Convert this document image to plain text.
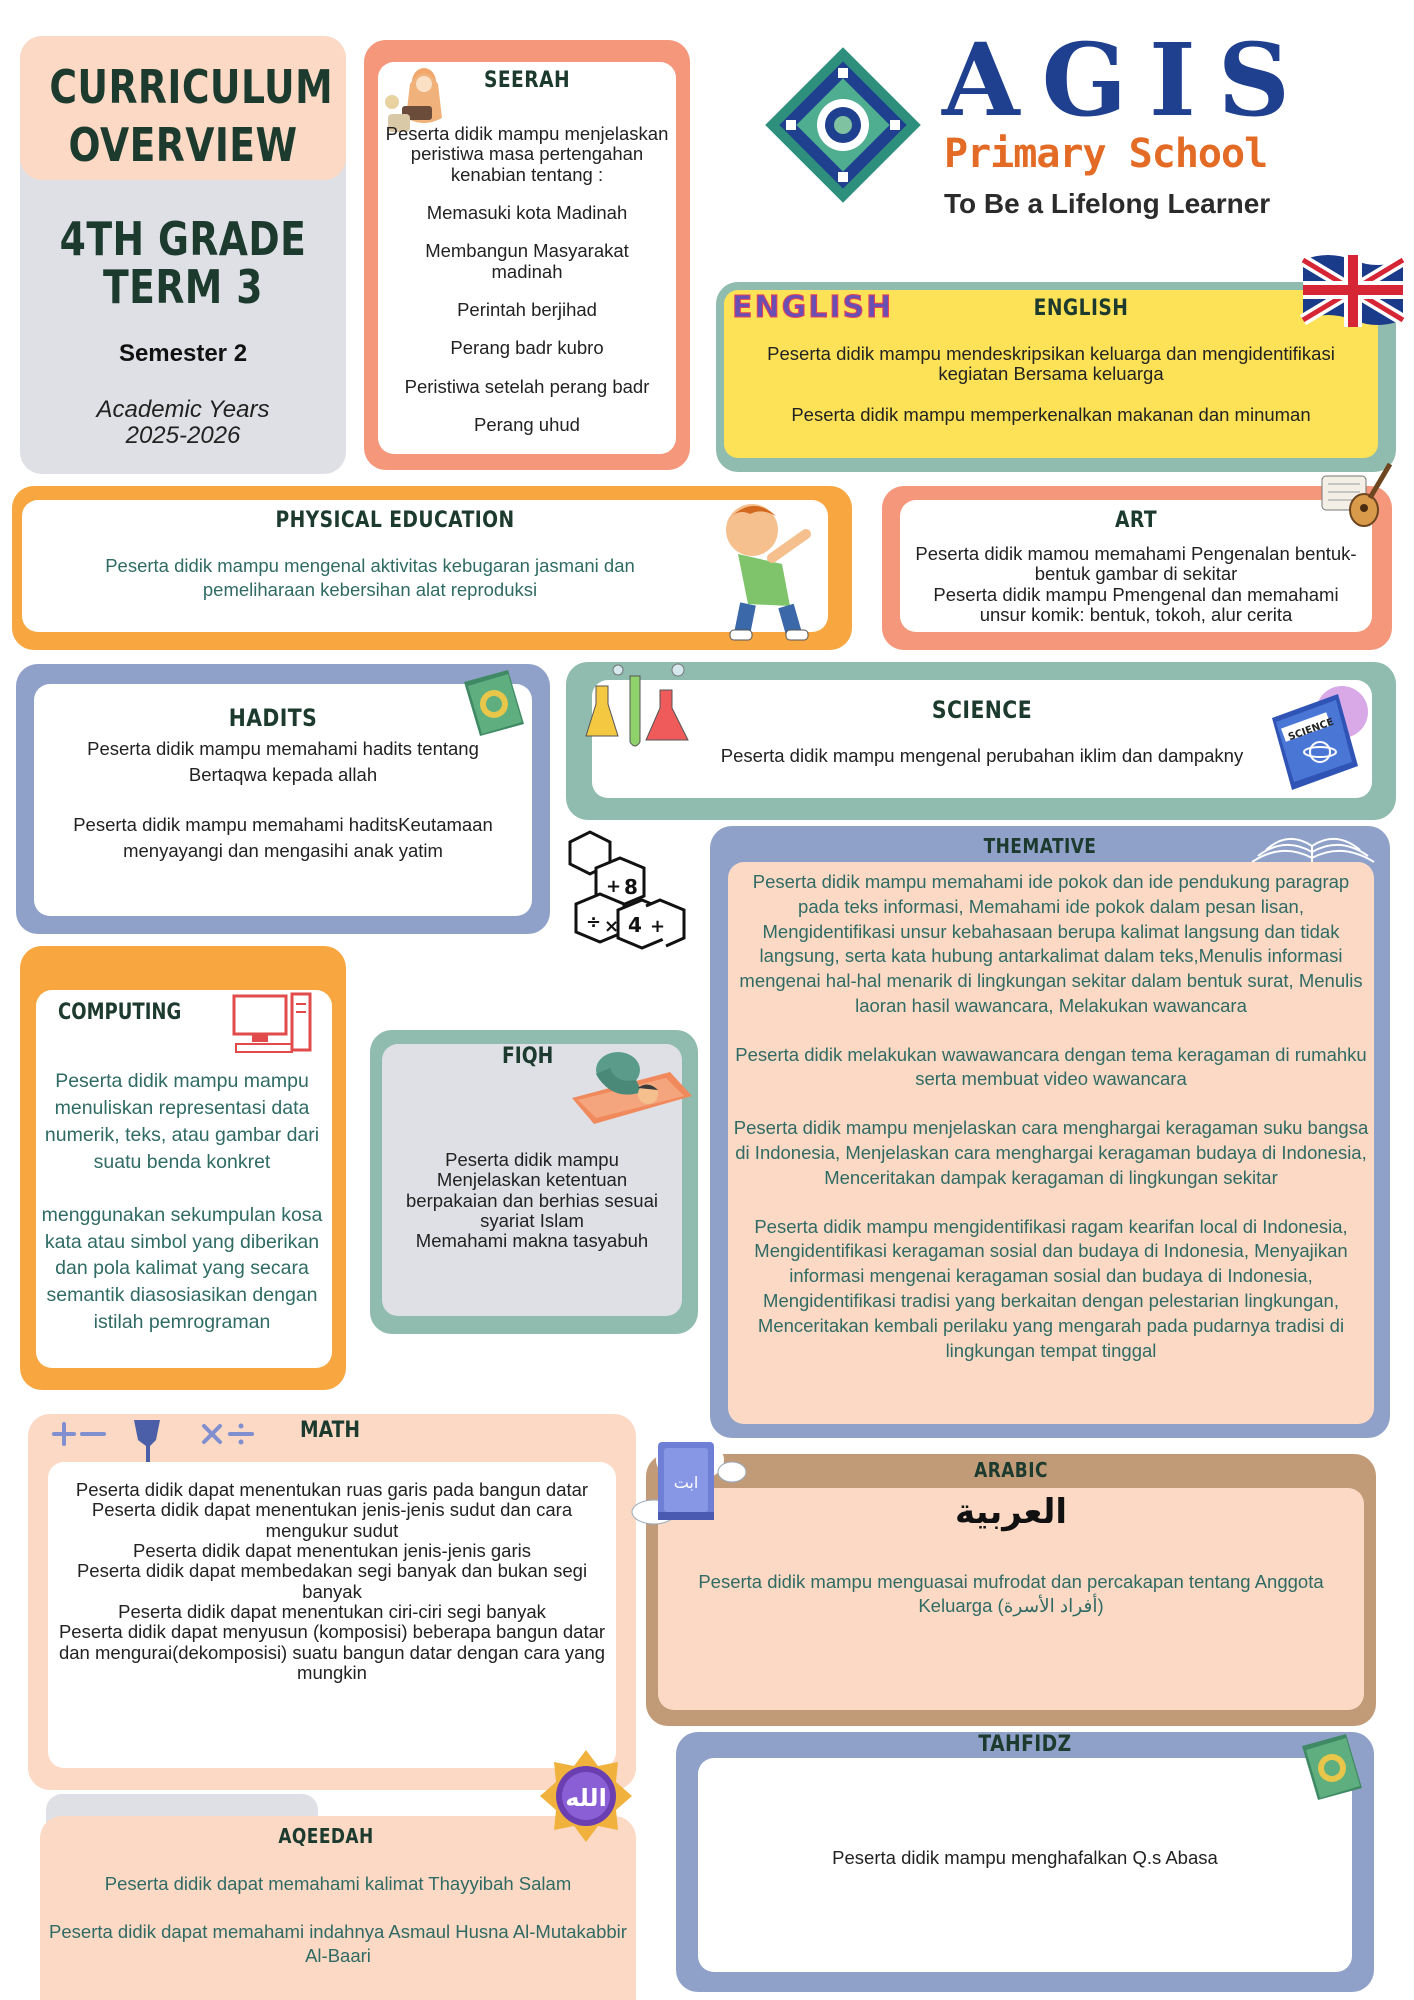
CURRICULUM
OVERVIEW
4TH GRADE
TERM 3
Semester 2
Academic Years
2025-2026
SEERAH
Peserta didik mampu menjelaskan peristiwa masa pertengahan kenabian tentang :
Memasuki kota Madinah
Membangun Masyarakat madinah
Perintah berjihad
Perang badr kubro
Peristiwa setelah perang badr
Perang uhud
AGIS
Primary School
To Be a Lifelong Learner
ENGLISH	ENGLISH
Peserta didik mampu mendeskripsikan keluarga dan mengidentifikasi kegiatan Bersama keluarga
Peserta didik mampu memperkenalkan makanan dan minuman
PHYSICAL EDUCATION
Peserta didik mampu mengenal aktivitas kebugaran jasmani dan pemeliharaan kebersihan alat reproduksi
ART
Peserta didik mamou memahami Pengenalan bentuk-bentuk gambar di sekitar
Peserta didik mampu Pmengenal dan memahami unsur komik: bentuk, tokoh, alur cerita
HADITS
Peserta didik mampu memahami hadits tentang Bertaqwa kepada allah
Peserta didik mampu memahami haditsKeutamaan menyayangi dan mengasihi anak yatim
SCIENCE
Peserta didik mampu mengenal perubahan iklim dan dampakny
SCIENCE
+ 8
÷ × 4 +
THEMATIVE
Peserta didik mampu memahami ide pokok dan ide pendukung paragrap pada teks informasi, Memahami ide pokok dalam pesan lisan, Mengidentifikasi unsur kebahasaan berupa kalimat langsung dan tidak langsung, serta kata hubung antarkalimat dalam teks,Menulis informasi mengenai hal-hal menarik di lingkungan sekitar dalam bentuk surat, Menulis laoran hasil wawancara, Melakukan wawancara
Peserta didik melakukan wawawancara dengan tema keragaman di rumahku serta membuat video wawancara
Peserta didik mampu menjelaskan cara menghargai keragaman suku bangsa di Indonesia, Menjelaskan cara menghargai keragaman budaya di Indonesia, Menceritakan dampak keragaman di lingkungan sekitar
Peserta didik mampu mengidentifikasi ragam kearifan local di Indonesia, Mengidentifikasi keragaman sosial dan budaya di Indonesia, Menyajikan informasi mengenai keragaman sosial dan budaya di Indonesia, Mengidentifikasi tradisi yang berkaitan dengan pelestarian lingkungan, Menceritakan kembali perilaku yang mengarah pada pudarnya tradisi di lingkungan tempat tinggal
COMPUTING
Peserta didik mampu mampu menuliskan representasi data numerik, teks, atau gambar dari suatu benda konkret
menggunakan sekumpulan kosa kata atau simbol yang diberikan dan pola kalimat yang secara semantik diasosiasikan dengan istilah pemrograman
FIQH
Peserta didik mampu Menjelaskan ketentuan berpakaian dan berhias sesuai syariat Islam
Memahami makna tasyabuh
MATH
Peserta didik dapat menentukan ruas garis pada bangun datar
Peserta didik dapat menentukan jenis-jenis sudut dan cara mengukur sudut
Peserta didik dapat menentukan jenis-jenis garis
Peserta didik dapat membedakan segi banyak dan bukan segi banyak
Peserta didik dapat menentukan ciri-ciri segi banyak
Peserta didik dapat menyusun (komposisi) beberapa bangun datar dan mengurai(dekomposisi) suatu bangun datar dengan cara yang mungkin
ARABIC
العربية
Peserta didik mampu menguasai mufrodat dan percakapan tentang Anggota Keluarga (أفراد الأسرة)
ابت
AQEEDAH
Peserta didik dapat memahami kalimat Thayyibah Salam
Peserta didik dapat memahami indahnya Asmaul Husna Al-Mutakabbir Al-Baari
الله
TAHFIDZ
Peserta didik mampu menghafalkan Q.s Abasa
